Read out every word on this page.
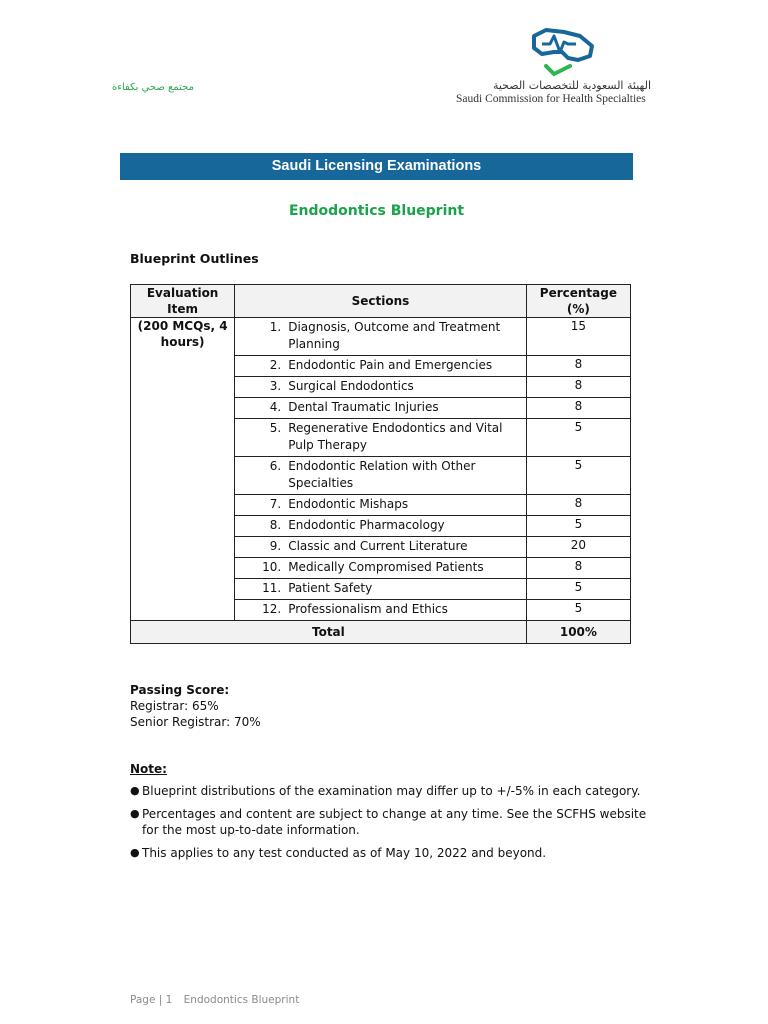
مجتمع صحي بكفاءة	الهيئة السعودية للتخصصات الصحية
Saudi Commission for Health Specialties
Saudi Licensing Examinations
Endodontics Blueprint
Blueprint Outlines
Evaluation Item	Sections	Percentage (%)
(200 MCQs, 4 hours)	1. Diagnosis, Outcome and Treatment Planning	15

	2. Endodontic Pain and Emergencies	8

	3. Surgical Endodontics	8

	4. Dental Traumatic Injuries	8

	5. Regenerative Endodontics and Vital Pulp Therapy	5

	6. Endodontic Relation with Other Specialties	5

	7. Endodontic Mishaps	8

	8. Endodontic Pharmacology	5

	9. Classic and Current Literature	20

	10. Medically Compromised Patients	8

	11. Patient Safety	5

	12. Professionalism and Ethics	5
Total		100%
Passing Score:
Registrar: 65%
Senior Registrar: 70%
Note:
● Blueprint distributions of the examination may differ up to +/-5% in each category.
● Percentages and content are subject to change at any time. See the SCFHS website for the most up-to-date information.
● This applies to any test conducted as of May 10, 2022 and beyond.
Page | 1 Endodontics Blueprint
